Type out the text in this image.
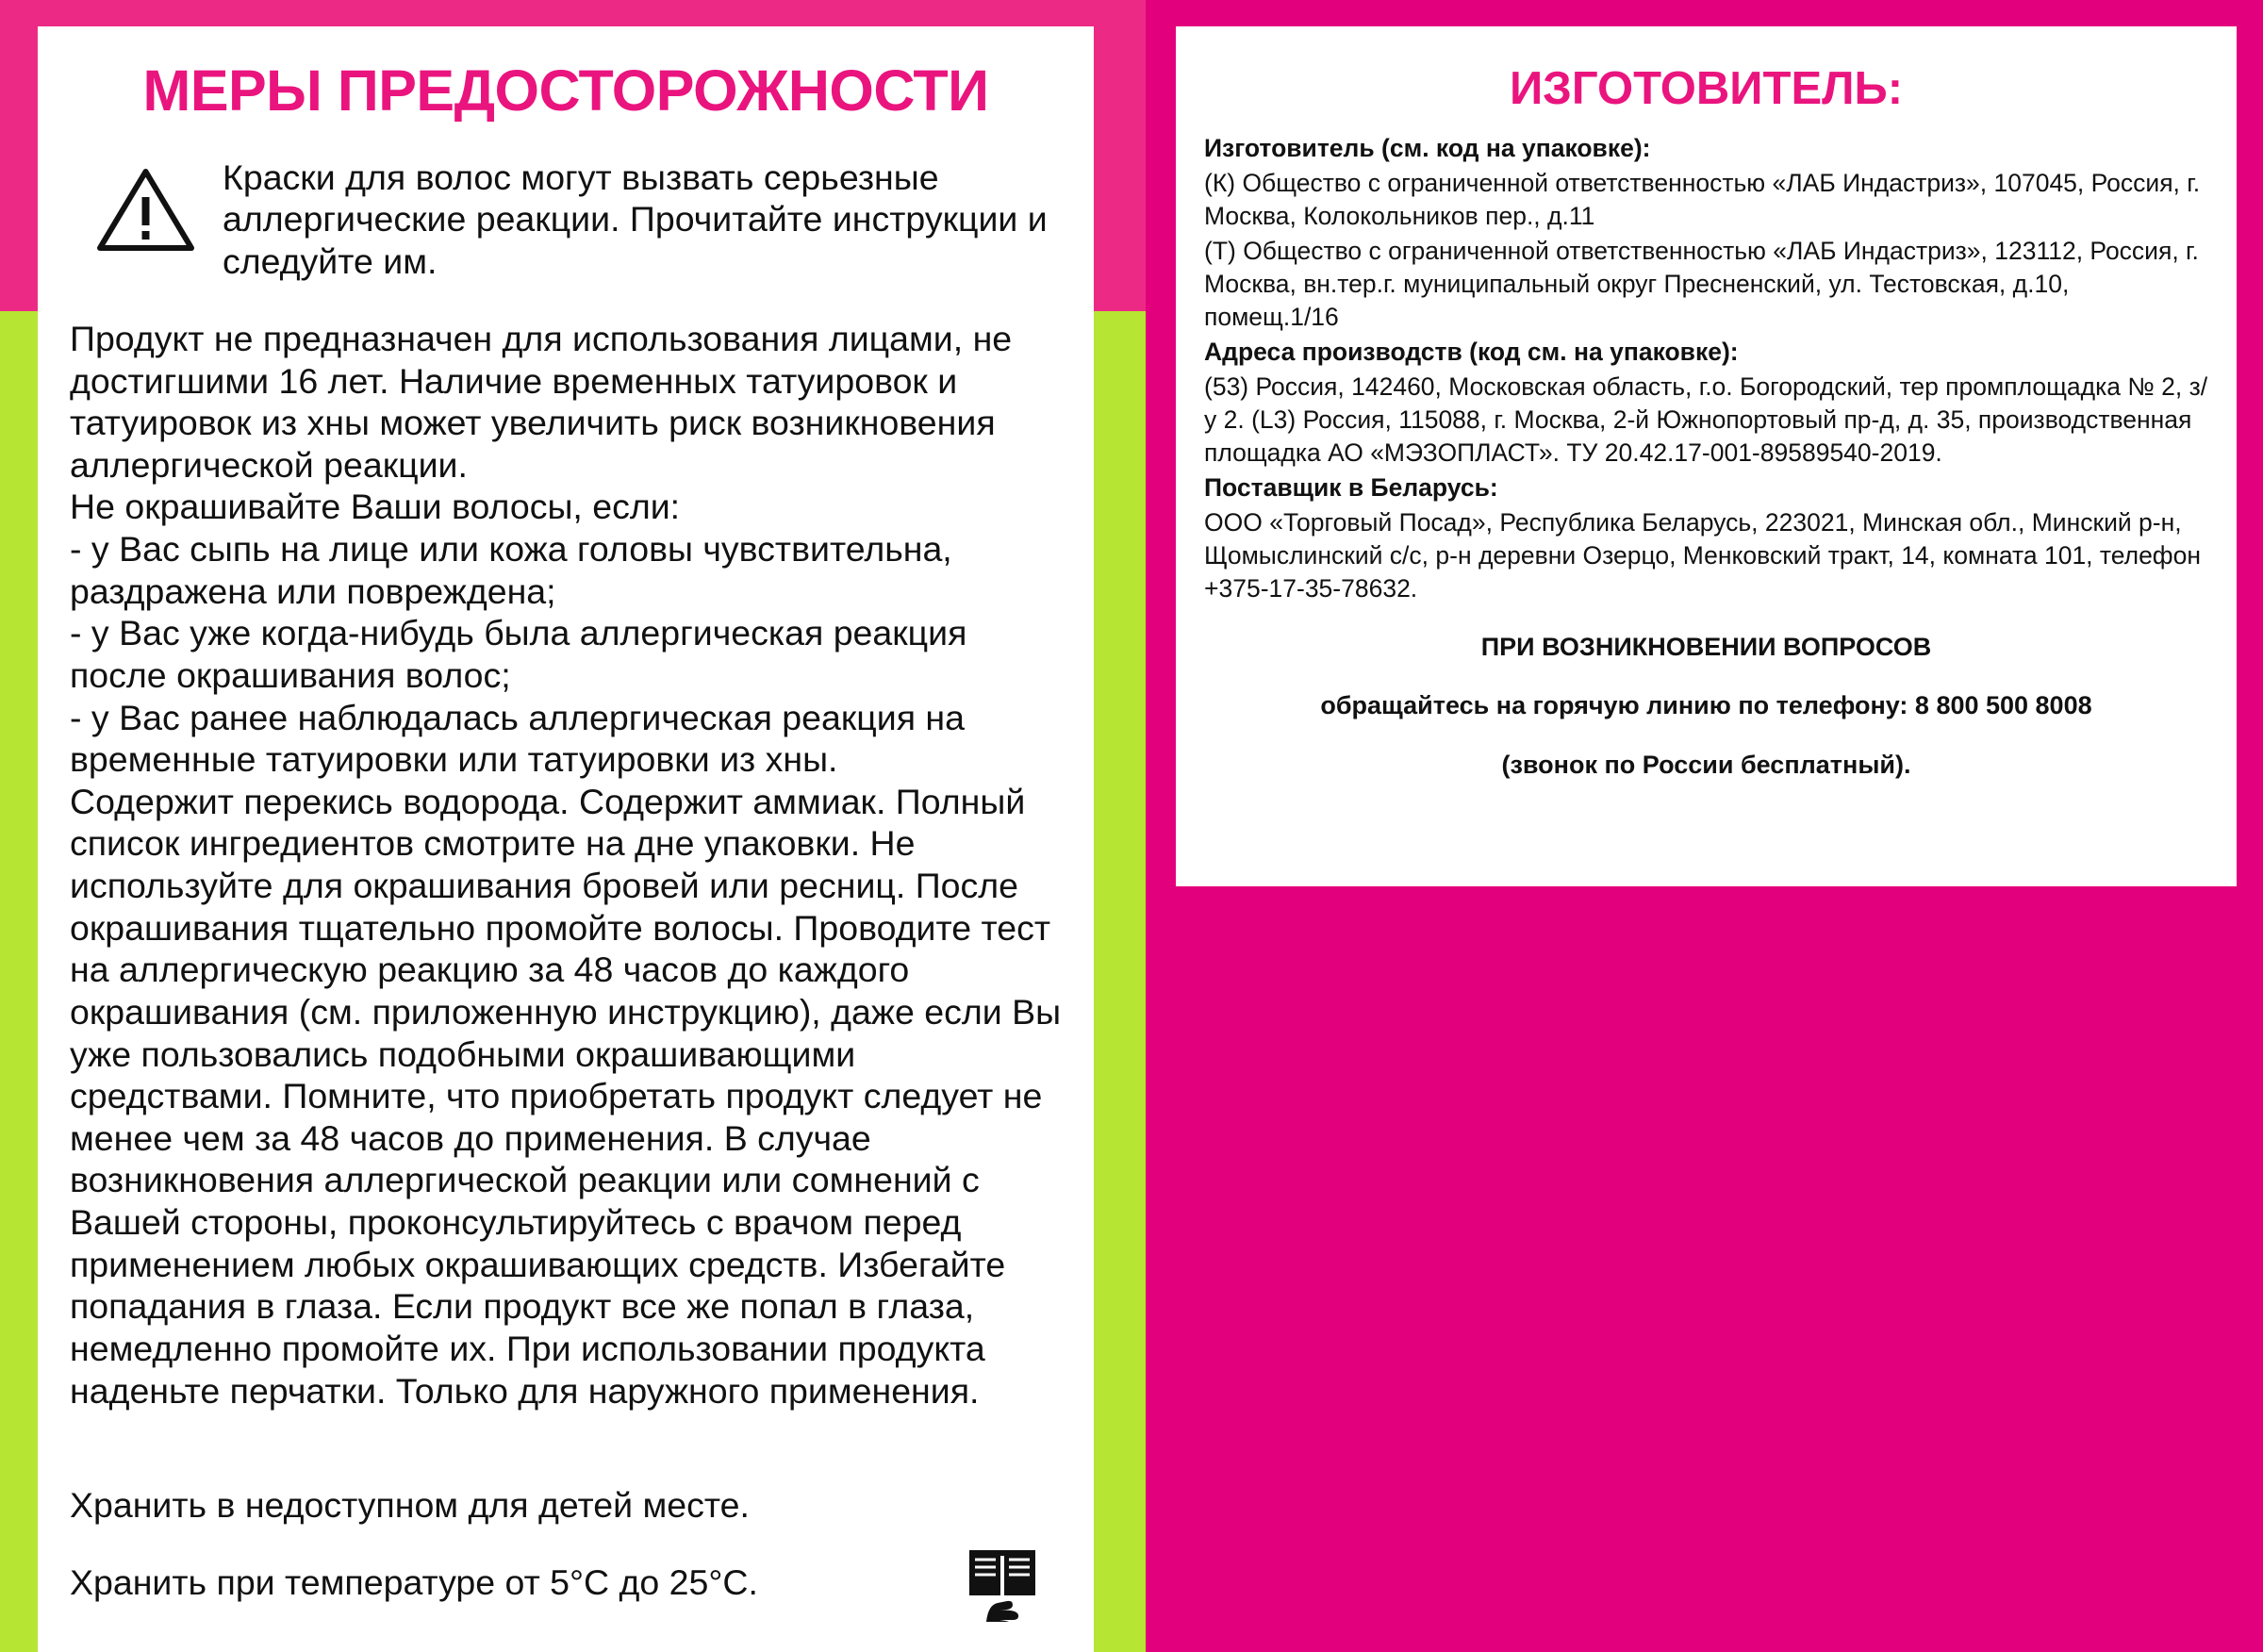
МЕРЫ ПРЕДОСТОРОЖНОСТИ

Краски для волос могут вызвать серьезные аллергические реакции. Прочитайте инструкции и следуйте им.

Продукт не предназначен для использования лицами, не достигшими 16 лет. Наличие временных татуировок и татуировок из хны может увеличить риск возникновения аллергической реакции.

Не окрашивайте Ваши волосы, если:

- у Вас сыпь на лице или кожа головы чувствительна, раздражена или повреждена;

- у Вас уже когда-нибудь была аллергическая реакция после окрашивания волос;

- у Вас ранее наблюдалась аллергическая реакция на временные татуировки или татуировки из хны.

Содержит перекись водорода. Содержит аммиак. Полный список ингредиентов смотрите на дне упаковки. Не используйте для окрашивания бровей или ресниц. После окрашивания тщательно промойте волосы. Проводите тест на аллергическую реакцию за 48 часов до каждого окрашивания (см. приложенную инструкцию), даже если Вы уже пользовались подобными окрашивающими средствами. Помните, что приобретать продукт следует не менее чем за 48 часов до применения. В случае возникновения аллергической реакции или сомнений с Вашей стороны, проконсультируйтесь с врачом перед применением любых окрашивающих средств. Избегайте попадания в глаза. Если продукт все же попал в глаза, немедленно промойте их. При использовании продукта наденьте перчатки. Только для наружного применения.

Хранить в недоступном для детей месте.

Хранить при температуре от 5°С до 25°С.

ИЗГОТОВИТЕЛЬ:

Изготовитель (см. код на упаковке):

(К) Общество с ограниченной ответственностью «ЛАБ Индастриз», 107045, Россия, г. Москва, Колокольников пер., д.11

(Т) Общество с ограниченной ответственностью «ЛАБ Индастриз», 123112, Россия, г. Москва, вн.тер.г. муниципальный округ Пресненский, ул. Тестовская, д.10, помещ.1/16

Адреса производств (код см. на упаковке):

(53) Россия, 142460, Московская область, г.о. Богородский, тер промплощадка № 2, з/у 2. (L3) Россия, 115088, г. Москва, 2-й Южнопортовый пр-д, д. 35, производственная площадка АО «МЭЗОПЛАСТ». ТУ 20.42.17-001-89589540-2019.

Поставщик в Беларусь:

ООО «Торговый Посад», Республика Беларусь, 223021, Минская обл., Минский р-н, Щомыслинский с/с, р-н деревни Озерцо, Менковский тракт, 14, комната 101, телефон +375-17-35-78632.

ПРИ ВОЗНИКНОВЕНИИ ВОПРОСОВ

обращайтесь на горячую линию по телефону: 8 800 500 8008

(звонок по России бесплатный).
